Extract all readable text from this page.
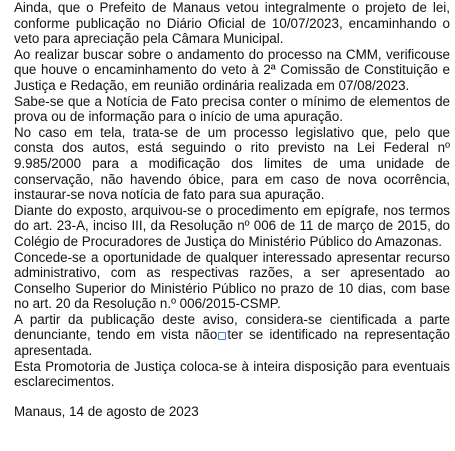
Ainda, que o Prefeito de Manaus vetou integralmente o projeto de lei, conforme publicação no Diário Oficial de 10/07/2023, encaminhando o veto para apreciação pela Câmara Municipal.

Ao realizar buscar sobre o andamento do processo na CMM, verificouse que houve o encaminhamento do veto à 2ª Comissão de Constituição e Justiça e Redação, em reunião ordinária realizada em 07/08/2023.

Sabe-se que a Notícia de Fato precisa conter o mínimo de elementos de prova ou de informação para o início de uma apuração.

No caso em tela, trata-se de um processo legislativo que, pelo que consta dos autos, está seguindo o rito previsto na Lei Federal nº 9.985/2000 para a modificação dos limites de uma unidade de conservação, não havendo óbice, para em caso de nova ocorrência, instaurar-se nova notícia de fato para sua apuração.

Diante do exposto, arquivou-se o procedimento em epígrafe, nos termos do art. 23-A, inciso III, da Resolução nº 006 de 11 de março de 2015, do Colégio de Procuradores de Justiça do Ministério Público do Amazonas.

Concede-se a oportunidade de qualquer interessado apresentar recurso administrativo, com as respectivas razões, a ser apresentado ao Conselho Superior do Ministério Público no prazo de 10 dias, com base no art. 20 da Resolução n.º 006/2015-CSMP.

A partir da publicação deste aviso, considera-se cientificada a parte denunciante, tendo em vista não ter se identificado na representação apresentada.

Esta Promotoria de Justiça coloca-se à inteira disposição para eventuais esclarecimentos.

Manaus, 14 de agosto de 2023
